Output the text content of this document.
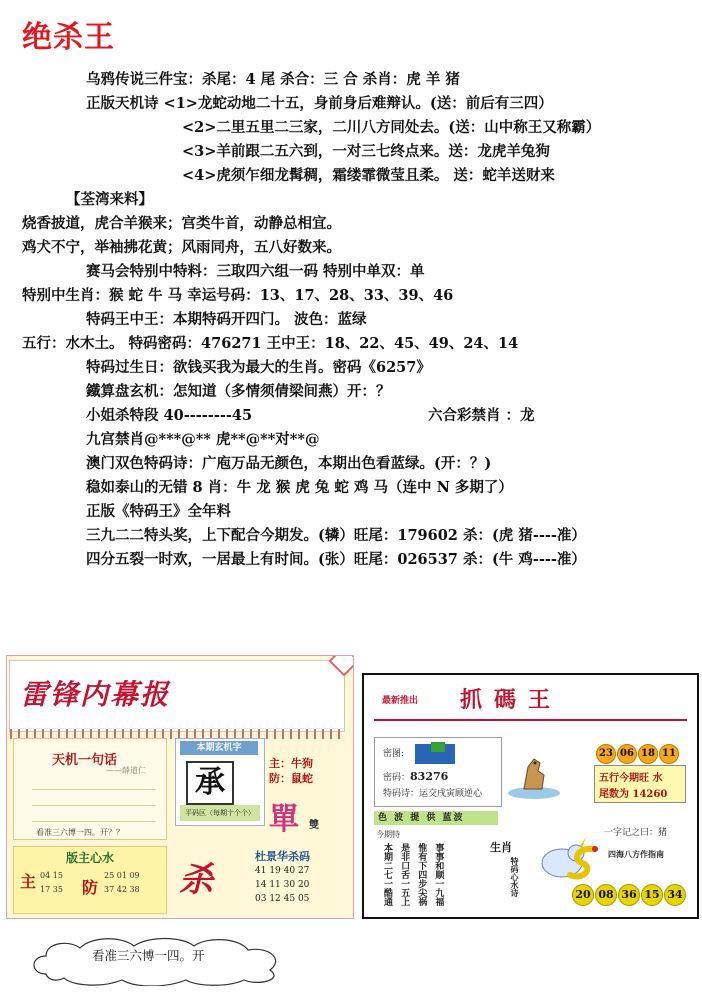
绝杀王
乌鸦传说三件宝：杀尾：4 尾 杀合：三 合 杀肖：虎 羊 猪
正版天机诗 <1>龙蛇动地二十五，身前身后难辩认。(送：前后有三四）
<2>二里五里二三家，二川八方同处去。(送：山中称王又称霸）
<3>羊前跟二五六到，一对三七终点来。送：龙虎羊兔狗
<4>虎须乍细龙髯稠，霜缕霏微莹且柔。 送：蛇羊送财来
【荃湾来料】
烧香披道，虎合羊猴来；宫类牛首，动静总相宜。
鸡犬不宁，举袖拂花黄；风雨同舟，五八好数来。
赛马会特别中特料：三取四六组一码 特别中单双：单
特别中生肖：猴 蛇 牛 马 幸运号码：13、17、28、33、39、46
特码王中王：本期特码开四门。 波色：蓝绿
五行：水木土。 特码密码：476271 王中王：18、22、45、49、24、14
特码过生日：欲钱买我为最大的生肖。密码《6257》
鐵算盘玄机：怎知道（多情须倩梁间燕）开：？
小姐杀特段 40--------45	六合彩禁肖 ：龙
九宫禁肖@***@** 虎**@**对**@
澳门双色特码诗：广庖万品无颜色，本期出色看蓝绿。(开：？)
稳如泰山的无错 8 肖：牛 龙 猴 虎 兔 蛇 鸡 马（连中 N 多期了）
正版《特码王》全年料
三九二二特头奖，上下配合今期发。(辚）旺尾：179602 杀：(虎 猪----准）
四分五裂一时欢，一居最上有时间。(张）旺尾：026537 杀：(牛 鸡----准）
雷锋内幕报
天机一句话
——薛道仁
看准三六博一四。开？？
本期玄机字
承
平码区（每期十个个）
主：牛狗
防：鼠蛇
單 雙
版主心水
主 04 15
17 35 防
25 01 09
37 42 38 杀
杜景华杀码
41 19 40 27
14 11 30 20
03 12 45 05
最新推出 抓碼王
密图:
密码：83276
特码诗：运交戌寅顾逆心
23 06 18 11
五行今期旺 水
尾数为 14260
色 波 提 供 蓝波
今期特
本期二七一酷通 是非口舌一五上 惟有下四步尖祸 事事和顺一九福	生肖
特码心水诗
一字记之曰：猪
四海八方作指南
20 08 36 15 34
看准三六博一四。开
